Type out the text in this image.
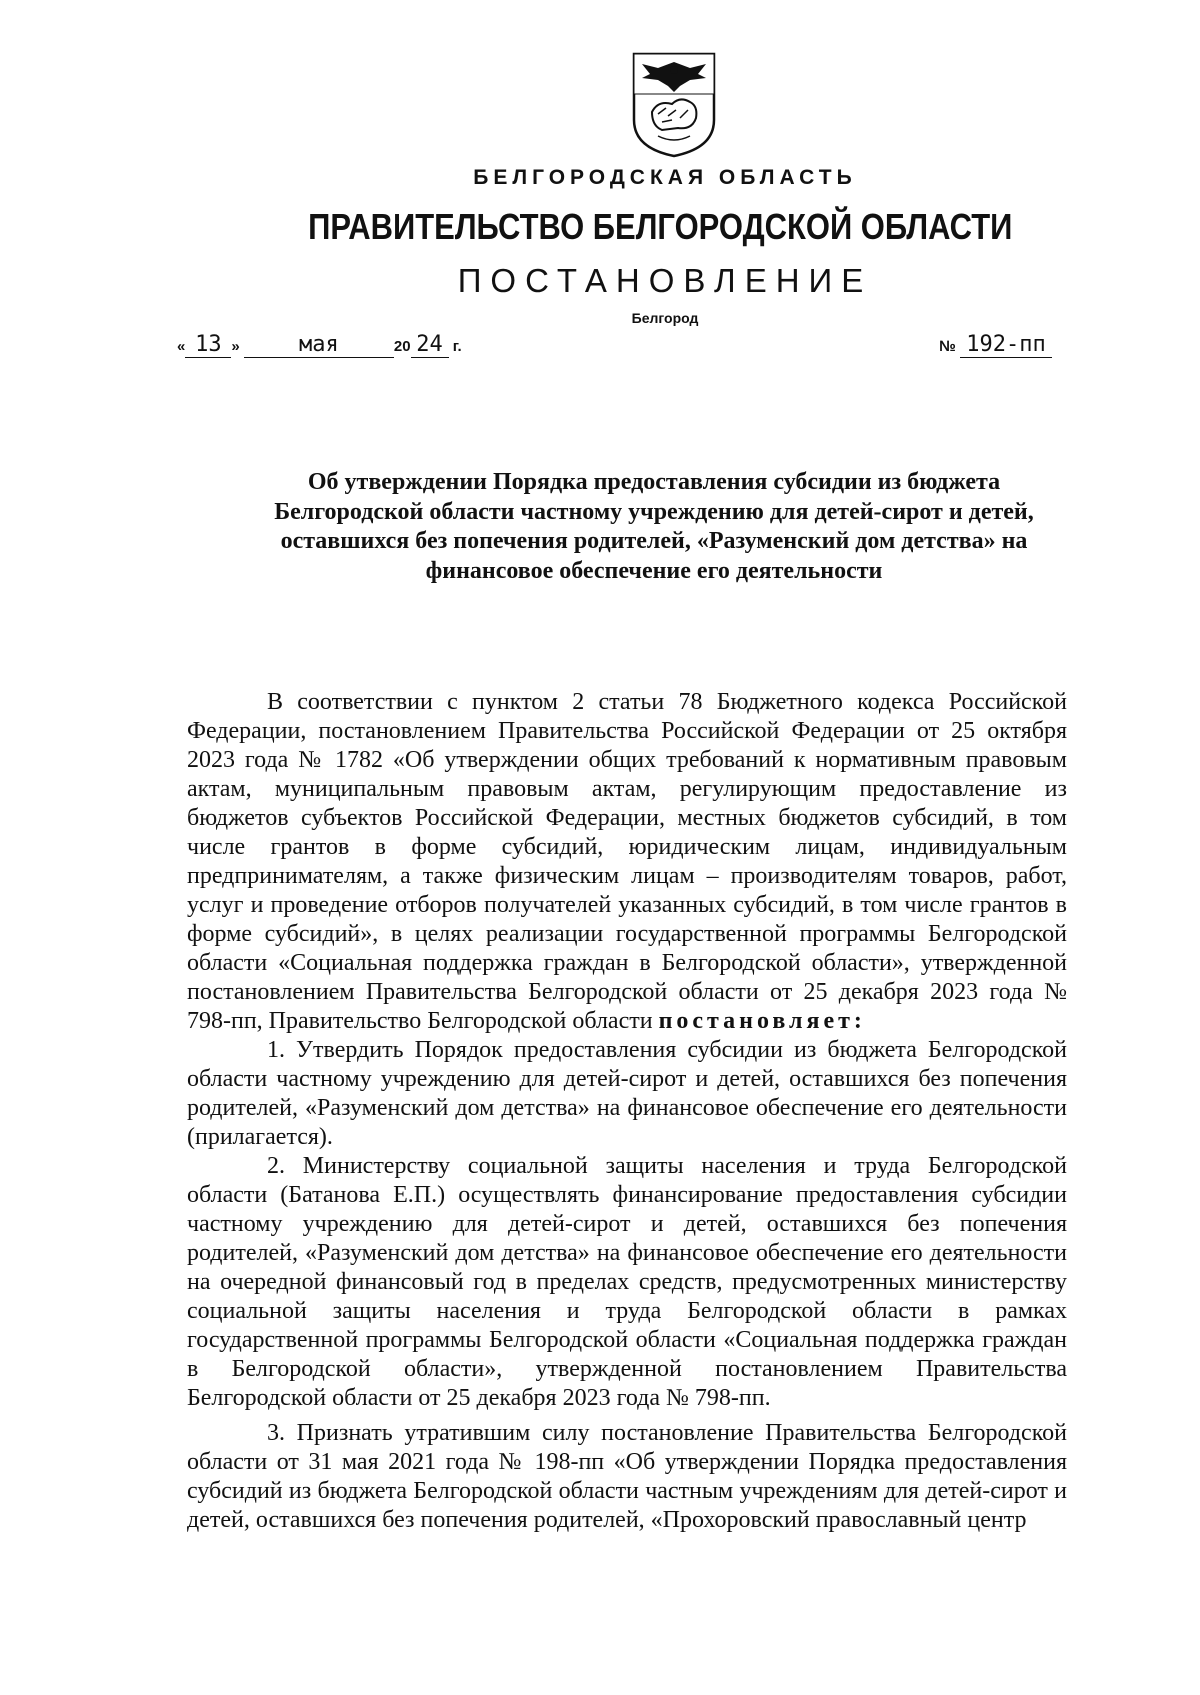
БЕЛГОРОДСКАЯ ОБЛАСТЬ
ПРАВИТЕЛЬСТВО БЕЛГОРОДСКОЙ ОБЛАСТИ
ПОСТАНОВЛЕНИЕ
Белгород
« 13 »	мая	20 24 г.	№ 192-пп
Об утверждении Порядка предоставления субсидии из бюджета Белгородской области частному учреждению для детей-сирот и детей, оставшихся без попечения родителей, «Разуменский дом детства» на финансовое обеспечение его деятельности

В соответствии с пунктом 2 статьи 78 Бюджетного кодекса Российской Федерации, постановлением Правительства Российской Федерации от 25 октября 2023 года № 1782 «Об утверждении общих требований к нормативным правовым актам, муниципальным правовым актам, регулирующим предоставление из бюджетов субъектов Российской Федерации, местных бюджетов субсидий, в том числе грантов в форме субсидий, юридическим лицам, индивидуальным предпринимателям, а также физическим лицам – производителям товаров, работ, услуг и проведение отборов получателей указанных субсидий, в том числе грантов в форме субсидий», в целях реализации государственной программы Белгородской области «Социальная поддержка граждан в Белгородской области», утвержденной постановлением Правительства Белгородской области от 25 декабря 2023 года № 798-пп, Правительство Белгородской области постановляет:

1. Утвердить Порядок предоставления субсидии из бюджета Белгородской области частному учреждению для детей-сирот и детей, оставшихся без попечения родителей, «Разуменский дом детства» на финансовое обеспечение его деятельности (прилагается).

2. Министерству социальной защиты населения и труда Белгородской области (Батанова Е.П.) осуществлять финансирование предоставления субсидии частному учреждению для детей-сирот и детей, оставшихся без попечения родителей, «Разуменский дом детства» на финансовое обеспечение его деятельности на очередной финансовый год в пределах средств, предусмотренных министерству социальной защиты населения и труда Белгородской области в рамках государственной программы Белгородской области «Социальная поддержка граждан в Белгородской области», утвержденной постановлением Правительства Белгородской области от 25 декабря 2023 года № 798-пп.

3. Признать утратившим силу постановление Правительства Белгородской области от 31 мая 2021 года № 198-пп «Об утверждении Порядка предоставления субсидий из бюджета Белгородской области частным учреждениям для детей-сирот и детей, оставшихся без попечения родителей, «Прохоровский православный центр
